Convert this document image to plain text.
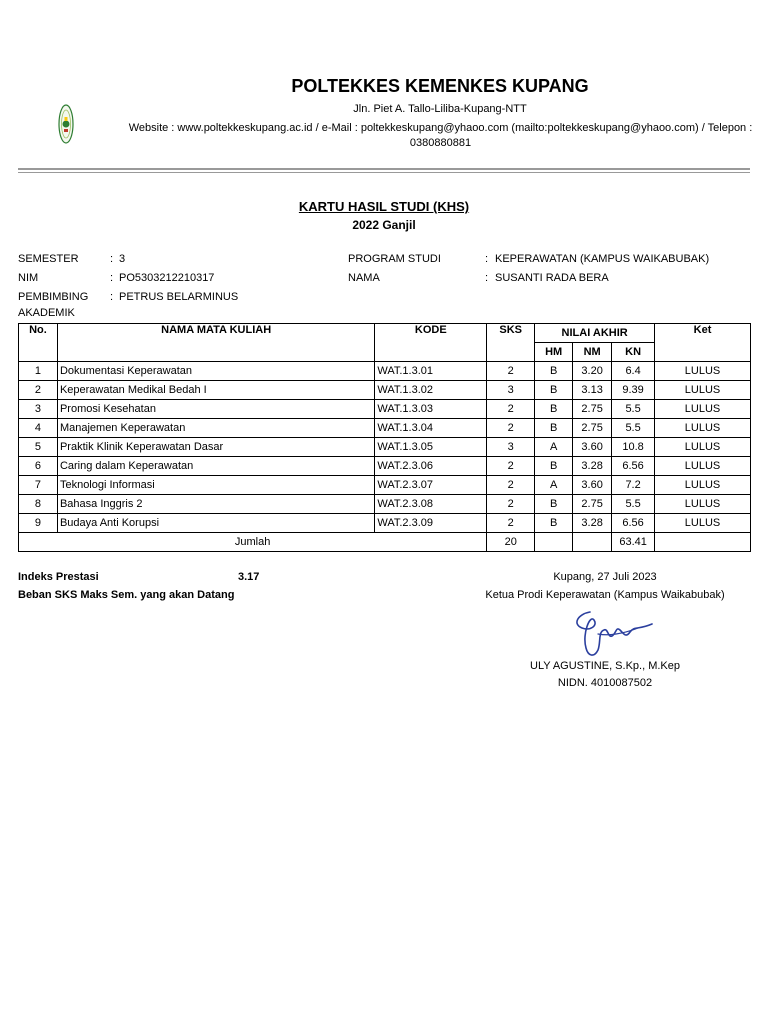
POLTEKKES KEMENKES KUPANG
Jln. Piet A. Tallo-Liliba-Kupang-NTT
Website : www.poltekkeskupang.ac.id / e-Mail : poltekkeskupang@yhaoo.com (mailto:poltekkeskupang@yhaoo.com) / Telepon : 0380880881
KARTU HASIL STUDI (KHS)
2022 Ganjil
SEMESTER	: 3
NIM	: PO5303212210317
PEMBIMBING
AKADEMIK
: PETRUS BELARMINUS
PROGRAM STUDI	: KEPERAWATAN (KAMPUS WAIKABUBAK)
NAMA	: SUSANTI RADA BERA
No.	NAMA MATA KULIAH	KODE	SKS	NILAI AKHIR			Ket
				HM	NM	KN	
1	Dokumentasi Keperawatan	WAT.1.3.01	2	B	3.20	6.4	LULUS
2	Keperawatan Medikal Bedah I	WAT.1.3.02	3	B	3.13	9.39	LULUS
3	Promosi Kesehatan	WAT.1.3.03	2	B	2.75	5.5	LULUS
4	Manajemen Keperawatan	WAT.1.3.04	2	B	2.75	5.5	LULUS
5	Praktik Klinik Keperawatan Dasar	WAT.1.3.05	3	A	3.60	10.8	LULUS
6	Caring dalam Keperawatan	WAT.2.3.06	2	B	3.28	6.56	LULUS
7	Teknologi Informasi	WAT.2.3.07	2	A	3.60	7.2	LULUS
8	Bahasa Inggris 2	WAT.2.3.08	2	B	2.75	5.5	LULUS
9	Budaya Anti Korupsi	WAT.2.3.09	2	B	3.28	6.56	LULUS
Jumlah			20			63.41	
Indeks Prestasi	3.17
Beban SKS Maks Sem. yang akan Datang
Kupang, 27 Juli 2023
Ketua Prodi Keperawatan (Kampus Waikabubak)
ULY AGUSTINE, S.Kp., M.Kep
NIDN. 4010087502
